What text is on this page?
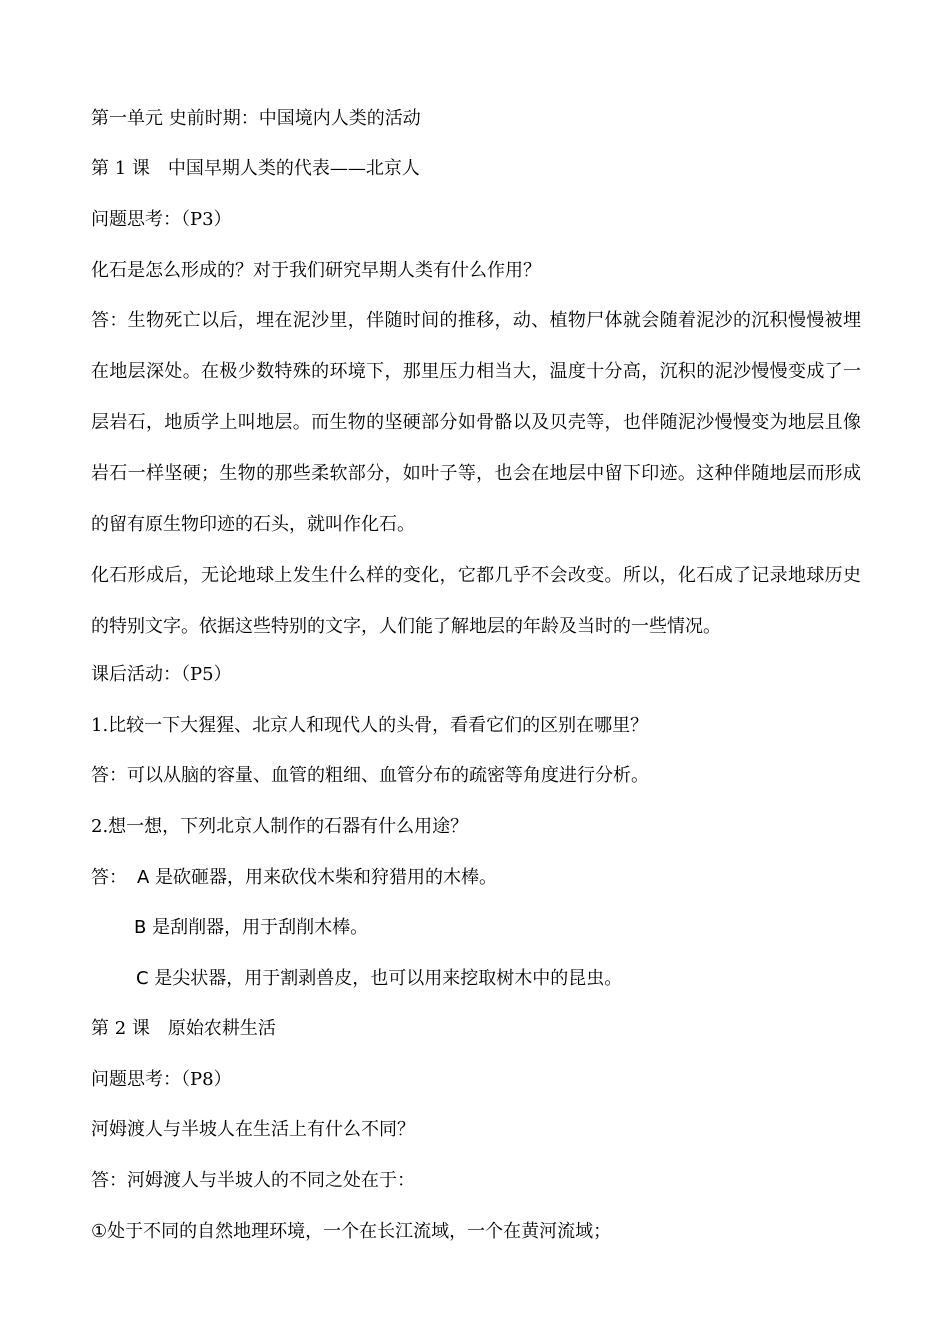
第一单元 史前时期：中国境内人类的活动
第 1 课 中国早期人类的代表——北京人
问题思考：（P3）
化石是怎么形成的？对于我们研究早期人类有什么作用？
答：生物死亡以后，埋在泥沙里，伴随时间的推移，动、植物尸体就会随着泥沙的沉积慢慢被埋在地层深处。在极少数特殊的环境下，那里压力相当大，温度十分高，沉积的泥沙慢慢变成了一层岩石，地质学上叫地层。而生物的坚硬部分如骨骼以及贝壳等，也伴随泥沙慢慢变为地层且像岩石一样坚硬；生物的那些柔软部分，如叶子等，也会在地层中留下印迹。这种伴随地层而形成的留有原生物印迹的石头，就叫作化石。
化石形成后，无论地球上发生什么样的变化，它都几乎不会改变。所以，化石成了记录地球历史的特别文字。依据这些特别的文字，人们能了解地层的年龄及当时的一些情况。
课后活动：（P5）
1.比较一下大猩猩、北京人和现代人的头骨，看看它们的区别在哪里？
答：可以从脑的容量、血管的粗细、血管分布的疏密等角度进行分析。
2.想一想，下列北京人制作的石器有什么用途？
答： A 是砍砸器，用来砍伐木柴和狩猎用的木棒。
B 是刮削器，用于刮削木棒。
C 是尖状器，用于割剥兽皮，也可以用来挖取树木中的昆虫。
第 2 课 原始农耕生活
问题思考：（P8）
河姆渡人与半坡人在生活上有什么不同？
答：河姆渡人与半坡人的不同之处在于：
①处于不同的自然地理环境，一个在长江流域，一个在黄河流域；
